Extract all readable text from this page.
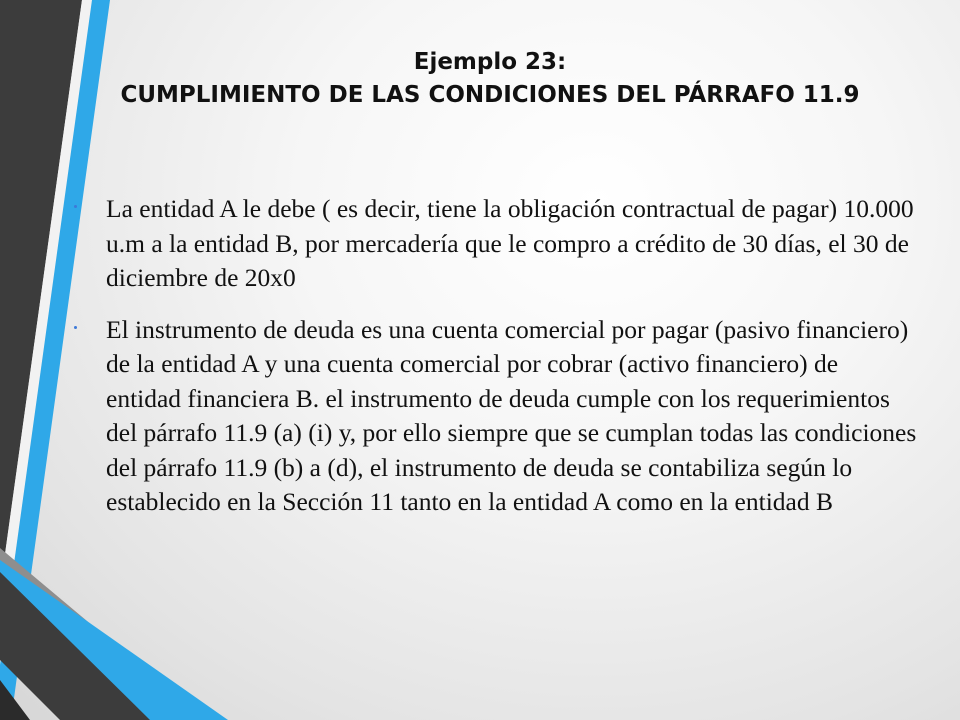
Ejemplo 23:
CUMPLIMIENTO DE LAS CONDICIONES DEL PÁRRAFO 11.9
La entidad A le debe ( es decir, tiene la obligación contractual de pagar) 10.000 u.m a la entidad B, por mercadería que le compro a crédito de 30 días, el 30 de diciembre de 20x0
El instrumento de deuda es una cuenta comercial por pagar (pasivo financiero) de la entidad A y una cuenta comercial por cobrar (activo financiero) de entidad financiera B. el instrumento de deuda cumple con los requerimientos del párrafo 11.9 (a) (i) y, por ello siempre que se cumplan todas las condiciones del párrafo 11.9 (b) a (d), el instrumento de deuda se contabiliza según lo establecido en la Sección 11 tanto en la entidad A como en la entidad B
